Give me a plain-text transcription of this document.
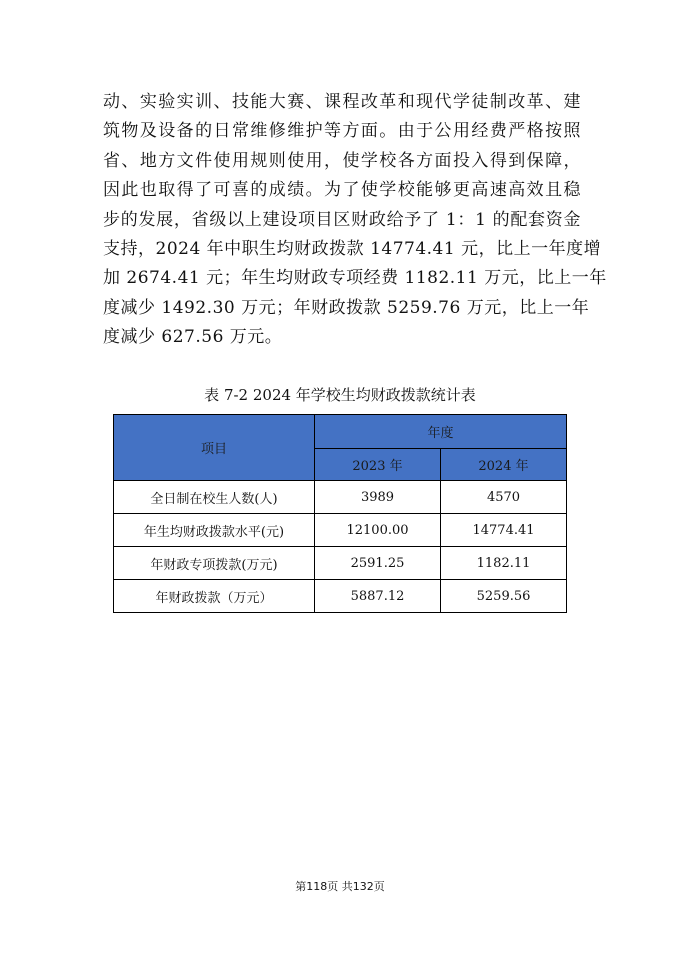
动、实验实训、技能大赛、课程改革和现代学徒制改革、建
筑物及设备的日常维修维护等方面。由于公用经费严格按照
省、地方文件使用规则使用，使学校各方面投入得到保障，
因此也取得了可喜的成绩。为了使学校能够更高速高效且稳
步的发展，省级以上建设项目区财政给予了 1：1 的配套资金
支持，2024 年中职生均财政拨款 14774.41 元，比上一年度增
加 2674.41 元；年生均财政专项经费 1182.11 万元，比上一年
度减少 1492.30 万元；年财政拨款 5259.76 万元，比上一年
度减少 627.56 万元。

表 7-2 2024 年学校生均财政拨款统计表

项目	年度	
	2023 年	2024 年
全日制在校生人数(人)	3989	4570
年生均财政拨款水平(元)	12100.00	14774.41
年财政专项拨款(万元)	2591.25	1182.11
年财政拨款（万元）	5887.12	5259.56
第118页 共132页
